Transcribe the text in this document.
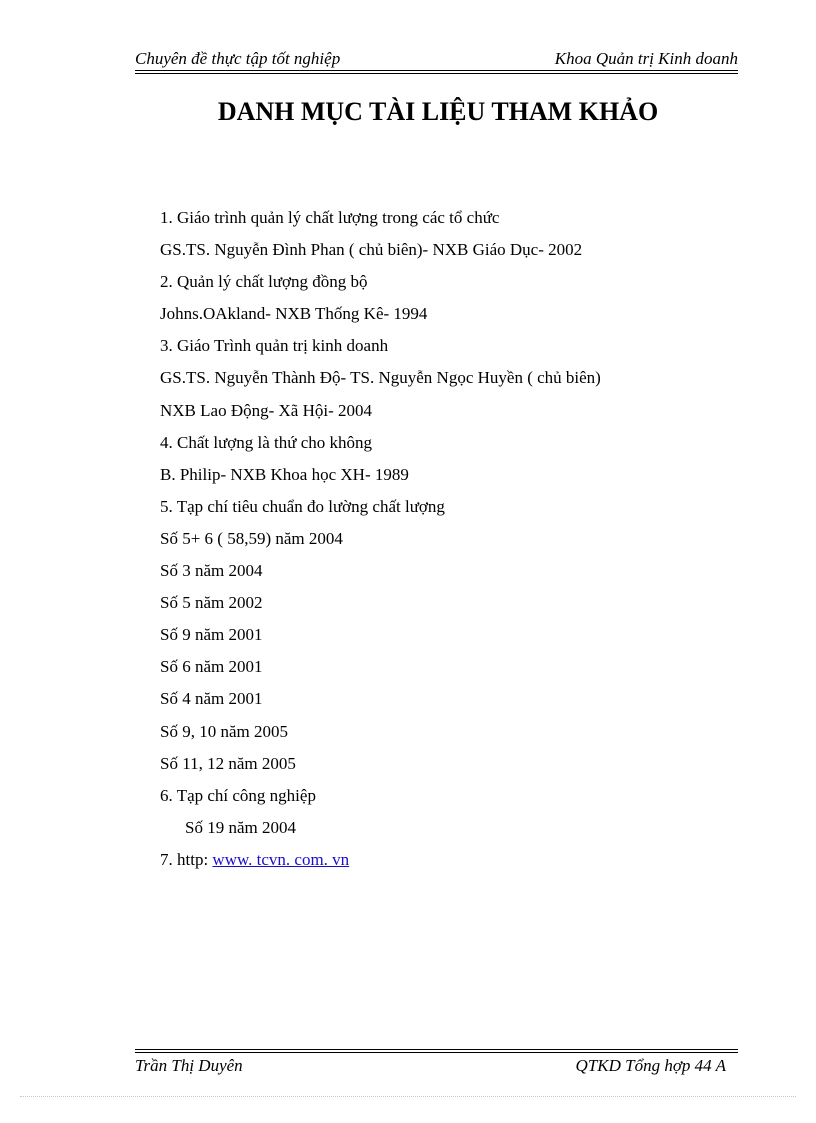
Chuyên đề thực tập tốt nghiệp	Khoa Quản trị Kinh doanh
DANH MỤC TÀI LIỆU THAM KHẢO
1. Giáo trình quản lý chất lượng trong các tổ chức
GS.TS. Nguyễn Đình Phan ( chủ biên)- NXB Giáo Dục- 2002
2. Quản lý chất lượng đồng bộ
Johns.OAkland- NXB Thống Kê- 1994
3. Giáo Trình quản trị kinh doanh
GS.TS. Nguyễn Thành Độ- TS. Nguyễn Ngọc Huyền ( chủ biên)
NXB Lao Động- Xã Hội- 2004
4. Chất lượng là thứ cho không
B. Philip- NXB Khoa học XH- 1989
5. Tạp chí tiêu chuẩn đo lường chất lượng
Số 5+ 6 ( 58,59) năm 2004
Số 3 năm 2004
Số 5 năm 2002
Số 9 năm 2001
Số 6 năm 2001
Số 4 năm 2001
Số 9, 10 năm 2005
Số 11, 12 năm 2005
6. Tạp chí công nghiệp
Số 19 năm 2004
7. http: www. tcvn. com. vn
Trần Thị Duyên	QTKD Tổng hợp 44 A
